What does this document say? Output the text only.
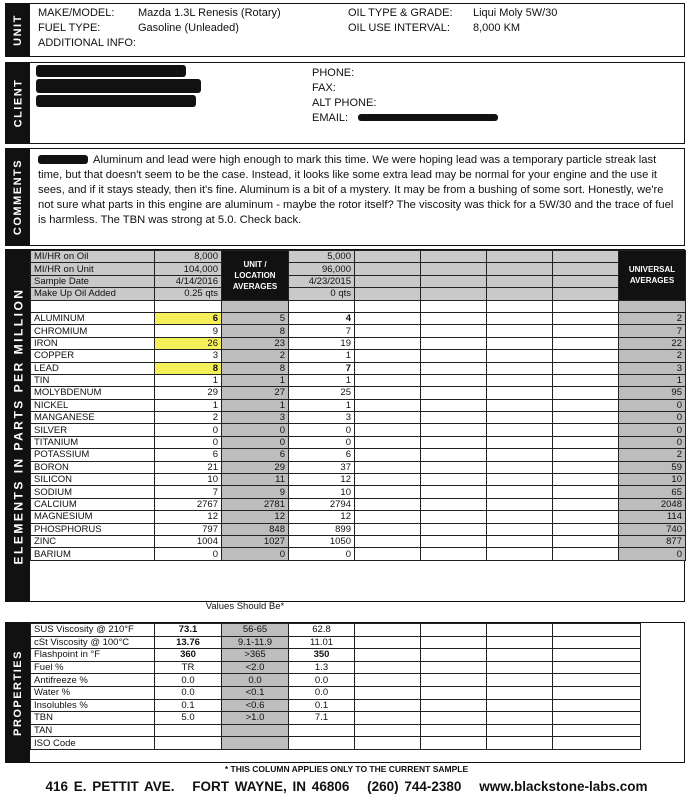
UNIT
MAKE/MODEL: Mazda 1.3L Renesis (Rotary)
FUEL TYPE:	Gasoline (Unleaded)
ADDITIONAL INFO:
OIL TYPE & GRADE: Liqui Moly 5W/30
OIL USE INTERVAL: 8,000 KM
CLIENT
PHONE:
FAX:
ALT PHONE:
EMAIL:
COMMENTS	Aluminum and lead were high enough to mark this time. We were hoping lead was a temporary particle streak last time, but that doesn't seem to be the case. Instead, it looks like some extra lead may be normal for your engine and the use it sees, and if it stays steady, then it's fine. Aluminum is a bit of a mystery. It may be from a bushing of some sort. Honestly, we're not sure what parts in this engine are aluminum - maybe the rotor itself? The viscosity was thick for a 5W/30 and the trace of fuel is harmless. The TBN was strong at 5.0. Check back.
ELEMENTS IN PARTS PER MILLION
MI/HR on Oil	8,000	UNIT / LOCATION AVERAGES	5,000					UNIVERSAL AVERAGES
MI/HR on Unit	104,000		96,000					
Sample Date	4/14/2016		4/23/2015					
Make Up Oil Added	0.25 qts		0 qts					

ALUMINUM	6	5	4					2
CHROMIUM	9	8	7					7
IRON	26	23	19					22
COPPER	3	2	1					2
LEAD	8	8	7					3
TIN	1	1	1					1
MOLYBDENUM	29	27	25					95
NICKEL	1	1	1					0
MANGANESE	2	3	3					0
SILVER	0	0	0					0
TITANIUM	0	0	0					0
POTASSIUM	6	6	6					2
BORON	21	29	37					59
SILICON	10	11	12					10
SODIUM	7	9	10					65
CALCIUM	2767	2781	2794					2048
MAGNESIUM	12	12	12					114
PHOSPHORUS	797	848	899					740
ZINC	1004	1027	1050					877
BARIUM	0	0	0					0
Values Should Be*
PROPERTIES
SUS Viscosity @ 210°F	73.1	56-65	62.8				
cSt Viscosity @ 100°C	13.76	9.1-11.9	11.01				
Flashpoint in °F	360	>365	350				
Fuel %	TR	<2.0	1.3				
Antifreeze %	0.0	0.0	0.0				
Water %	0.0	<0.1	0.0				
Insolubles %	0.1	<0.6	0.1				
TBN	5.0	>1.0	7.1				
TAN							
ISO Code							
* THIS COLUMN APPLIES ONLY TO THE CURRENT SAMPLE
416 E. PETTIT AVE. FORT WAYNE, IN 46806 (260) 744-2380 www.blackstone-labs.com
